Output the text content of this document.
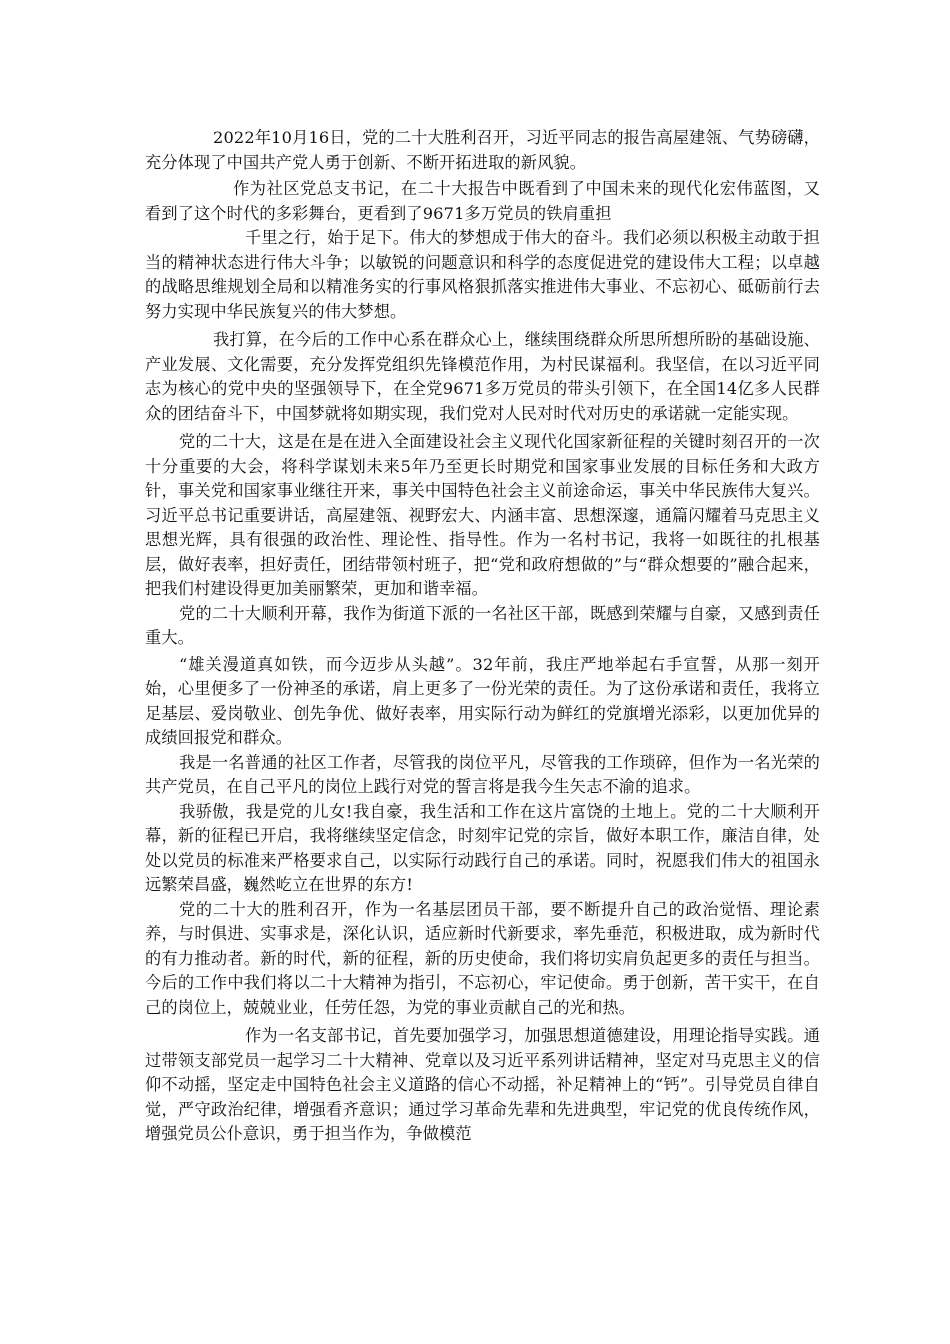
2022年10月16日，党的二十大胜利召开，习近平同志的报告高屋建瓴、气势磅礴，充分体现了中国共产党人勇于创新、不断开拓进取的新风貌。

作为社区党总支书记，在二十大报告中既看到了中国未来的现代化宏伟蓝图，又看到了这个时代的多彩舞台，更看到了9671多万党员的铁肩重担

千里之行，始于足下。伟大的梦想成于伟大的奋斗。我们必须以积极主动敢于担当的精神状态进行伟大斗争；以敏锐的问题意识和科学的态度促进党的建设伟大工程；以卓越的战略思维规划全局和以精准务实的行事风格狠抓落实推进伟大事业、不忘初心、砥砺前行去努力实现中华民族复兴的伟大梦想。

我打算，在今后的工作中心系在群众心上，继续围绕群众所思所想所盼的基础设施、产业发展、文化需要，充分发挥党组织先锋模范作用，为村民谋福利。我坚信，在以习近平同志为核心的党中央的坚强领导下，在全党9671多万党员的带头引领下，在全国14亿多人民群众的团结奋斗下，中国梦就将如期实现，我们党对人民对时代对历史的承诺就一定能实现。

党的二十大，这是在是在进入全面建设社会主义现代化国家新征程的关键时刻召开的一次十分重要的大会，将科学谋划未来5年乃至更长时期党和国家事业发展的目标任务和大政方针，事关党和国家事业继往开来，事关中国特色社会主义前途命运，事关中华民族伟大复兴。习近平总书记重要讲话，高屋建瓴、视野宏大、内涵丰富、思想深邃，通篇闪耀着马克思主义思想光辉，具有很强的政治性、理论性、指导性。作为一名村书记，我将一如既往的扎根基层，做好表率，担好责任，团结带领村班子，把“党和政府想做的”与“群众想要的”融合起来，把我们村建设得更加美丽繁荣，更加和谐幸福。

党的二十大顺利开幕，我作为街道下派的一名社区干部，既感到荣耀与自豪，又感到责任重大。

“雄关漫道真如铁，而今迈步从头越”。32年前，我庄严地举起右手宣誓，从那一刻开始，心里便多了一份神圣的承诺，肩上更多了一份光荣的责任。为了这份承诺和责任，我将立足基层、爱岗敬业、创先争优、做好表率，用实际行动为鲜红的党旗增光添彩，以更加优异的成绩回报党和群众。

我是一名普通的社区工作者，尽管我的岗位平凡，尽管我的工作琐碎，但作为一名光荣的共产党员，在自己平凡的岗位上践行对党的誓言将是我今生矢志不渝的追求。

我骄傲，我是党的儿女!我自豪，我生活和工作在这片富饶的土地上。党的二十大顺利开幕，新的征程已开启，我将继续坚定信念，时刻牢记党的宗旨，做好本职工作，廉洁自律，处处以党员的标准来严格要求自己，以实际行动践行自己的承诺。同时，祝愿我们伟大的祖国永远繁荣昌盛，巍然屹立在世界的东方!

党的二十大的胜利召开，作为一名基层团员干部，要不断提升自己的政治觉悟、理论素养，与时俱进、实事求是，深化认识，适应新时代新要求，率先垂范，积极进取，成为新时代的有力推动者。新的时代，新的征程，新的历史使命，我们将切实肩负起更多的责任与担当。今后的工作中我们将以二十大精神为指引，不忘初心，牢记使命。勇于创新，苦干实干，在自己的岗位上，兢兢业业，任劳任怨，为党的事业贡献自己的光和热。

作为一名支部书记，首先要加强学习，加强思想道德建设，用理论指导实践。通过带领支部党员一起学习二十大精神、党章以及习近平系列讲话精神，坚定对马克思主义的信仰不动摇，坚定走中国特色社会主义道路的信心不动摇，补足精神上的“钙”。引导党员自律自觉，严守政治纪律，增强看齐意识；通过学习革命先辈和先进典型，牢记党的优良传统作风，增强党员公仆意识，勇于担当作为，争做模范
